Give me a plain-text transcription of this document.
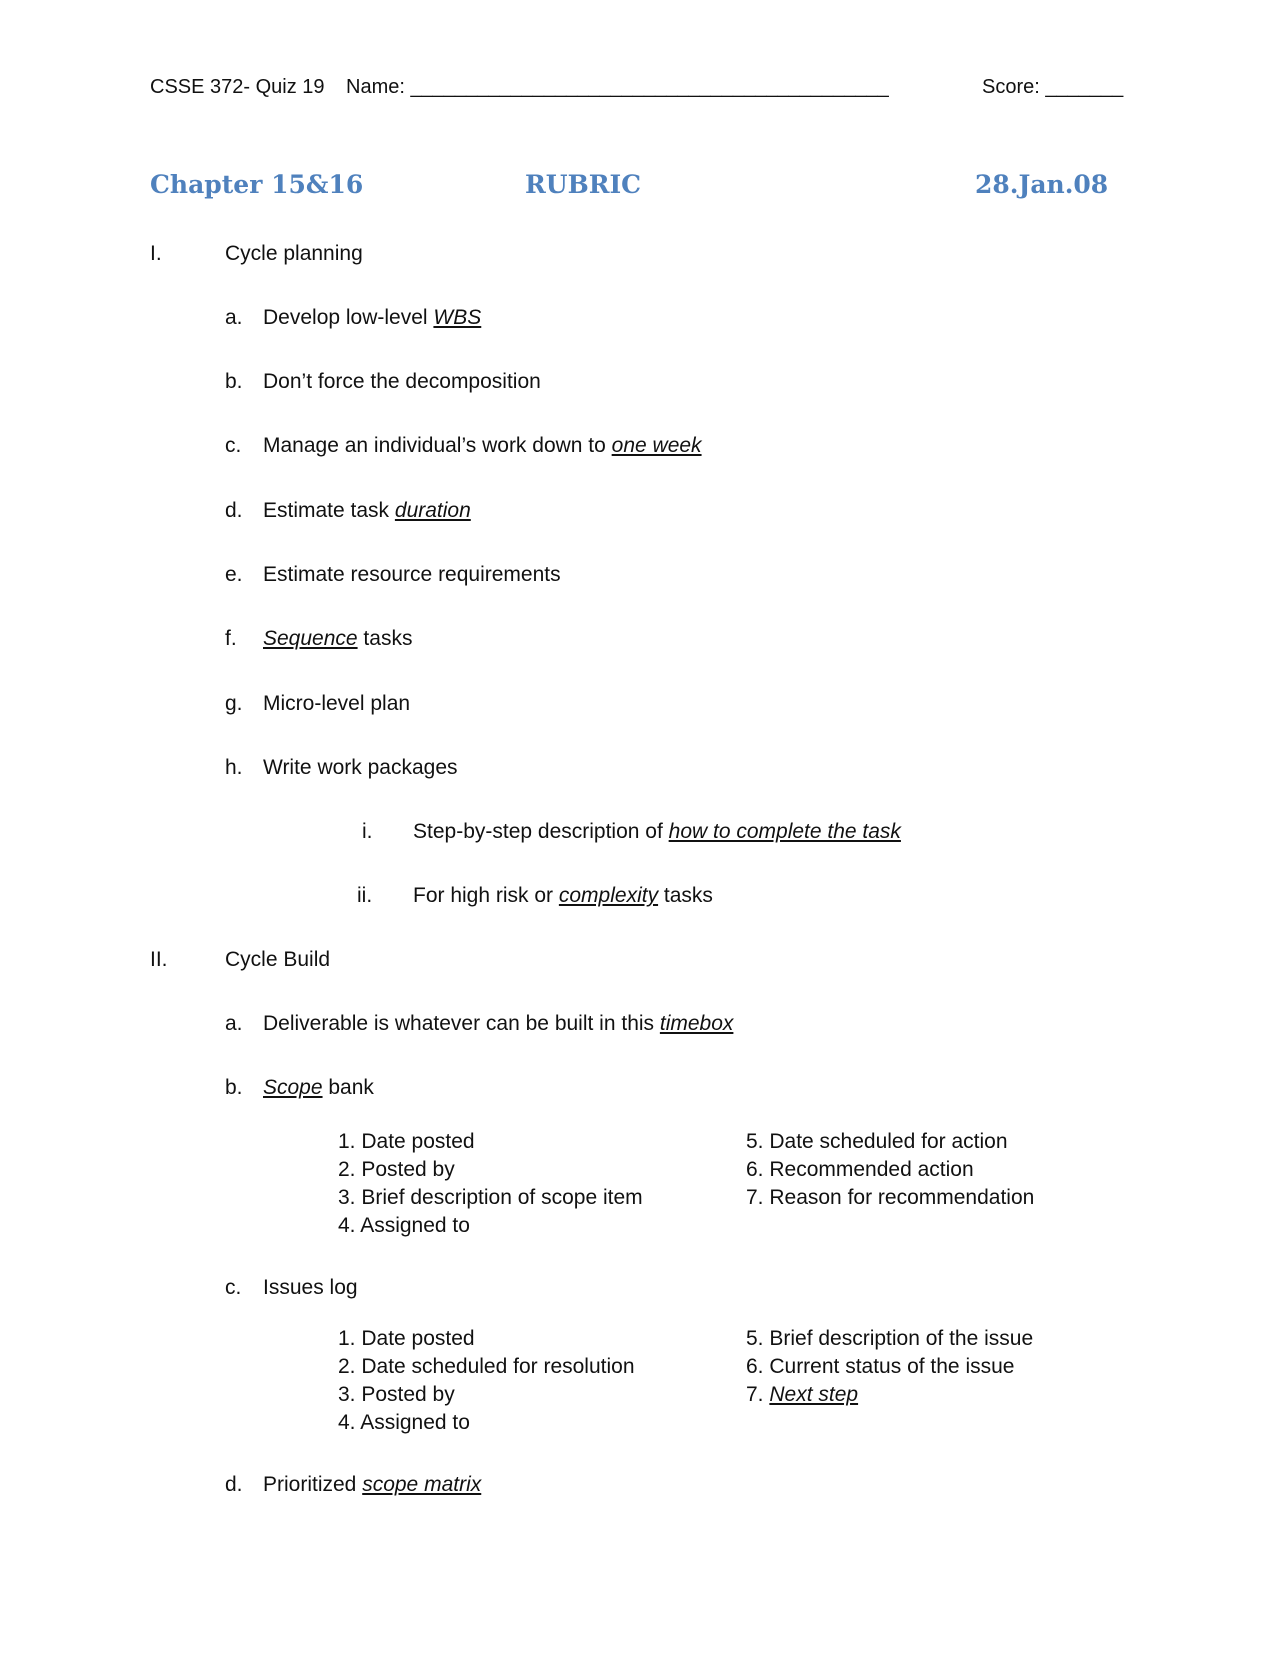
CSSE 372- Quiz 19 Name: ___________________________________________	Score: _______
Chapter 15&16	RUBRIC	28.Jan.08
I.	Cycle planning
a. Develop low-level WBS
b. Don’t force the decomposition
c. Manage an individual’s work down to one week
d. Estimate task duration
e. Estimate resource requirements
f. Sequence tasks
g. Micro-level plan
h. Write work packages
i. Step-by-step description of how to complete the task
ii. For high risk or complexity tasks
II.	Cycle Build
a. Deliverable is whatever can be built in this timebox
b. Scope bank
1. Date posted
2. Posted by
3. Brief description of scope item
4. Assigned to
5. Date scheduled for action
6. Recommended action
7. Reason for recommendation
c. Issues log
1. Date posted
2. Date scheduled for resolution
3. Posted by
4. Assigned to
5. Brief description of the issue
6. Current status of the issue
7. Next step
d. Prioritized scope matrix
